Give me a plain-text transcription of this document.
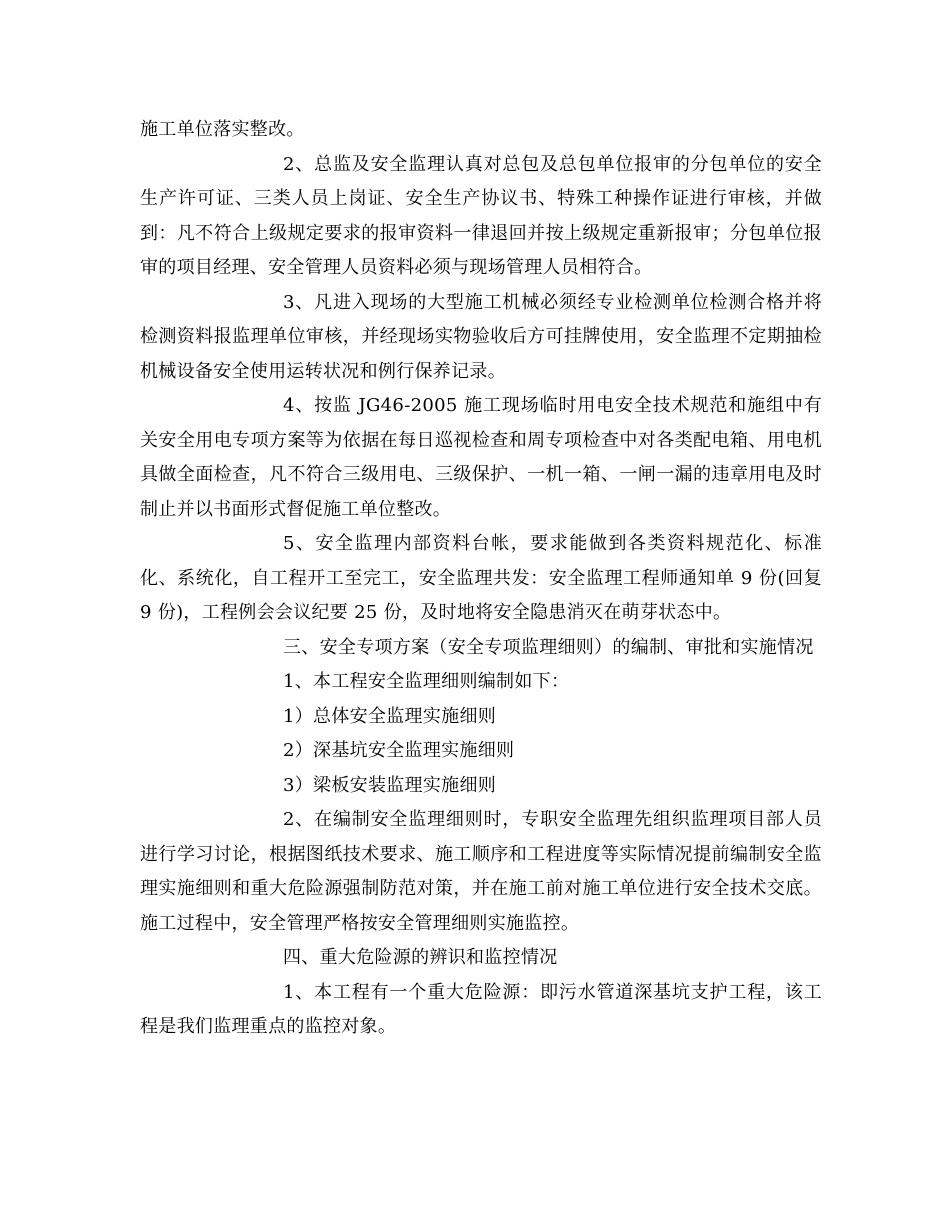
施工单位落实整改。

2、总监及安全监理认真对总包及总包单位报审的分包单位的安全生产许可证、三类人员上岗证、安全生产协议书、特殊工种操作证进行审核，并做到：凡不符合上级规定要求的报审资料一律退回并按上级规定重新报审；分包单位报审的项目经理、安全管理人员资料必须与现场管理人员相符合。

3、凡进入现场的大型施工机械必须经专业检测单位检测合格并将检测资料报监理单位审核，并经现场实物验收后方可挂牌使用，安全监理不定期抽检机械设备安全使用运转状况和例行保养记录。

4、按监 JG46-2005 施工现场临时用电安全技术规范和施组中有关安全用电专项方案等为依据在每日巡视检查和周专项检查中对各类配电箱、用电机具做全面检查，凡不符合三级用电、三级保护、一机一箱、一闸一漏的违章用电及时制止并以书面形式督促施工单位整改。

5、安全监理内部资料台帐，要求能做到各类资料规范化、标准化、系统化，自工程开工至完工，安全监理共发：安全监理工程师通知单 9 份(回复 9 份)，工程例会会议纪要 25 份，及时地将安全隐患消灭在萌芽状态中。

三、安全专项方案（安全专项监理细则）的编制、审批和实施情况

1、本工程安全监理细则编制如下：

1）总体安全监理实施细则

2）深基坑安全监理实施细则

3）梁板安装监理实施细则

2、在编制安全监理细则时，专职安全监理先组织监理项目部人员进行学习讨论，根据图纸技术要求、施工顺序和工程进度等实际情况提前编制安全监理实施细则和重大危险源强制防范对策，并在施工前对施工单位进行安全技术交底。施工过程中，安全管理严格按安全管理细则实施监控。

四、重大危险源的辨识和监控情况

1、本工程有一个重大危险源：即污水管道深基坑支护工程，该工程是我们监理重点的监控对象。
